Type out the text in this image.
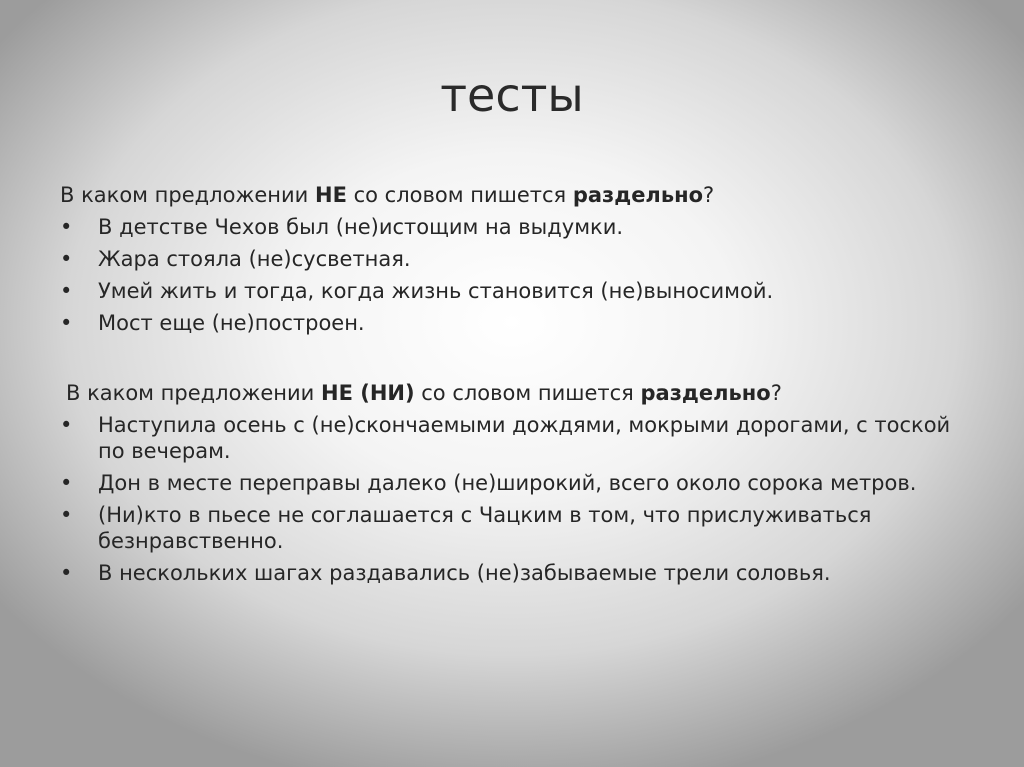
тесты
В каком предложении НЕ со словом пишется раздельно?
• В детстве Чехов был (не)истощим на выдумки.
• Жара стояла (не)сусветная.
• Умей жить и тогда, когда жизнь становится (не)выносимой.
• Мост еще (не)построен.
В каком предложении НЕ (НИ) со словом пишется раздельно?
• Наступила осень с (не)скончаемыми дождями, мокрыми дорогами, с тоской по вечерам.
• Дон в месте переправы далеко (не)широкий, всего около сорока метров.
• (Ни)кто в пьесе не соглашается с Чацким в том, что прислуживаться безнравственно.
• В нескольких шагах раздавались (не)забываемые трели соловья.
